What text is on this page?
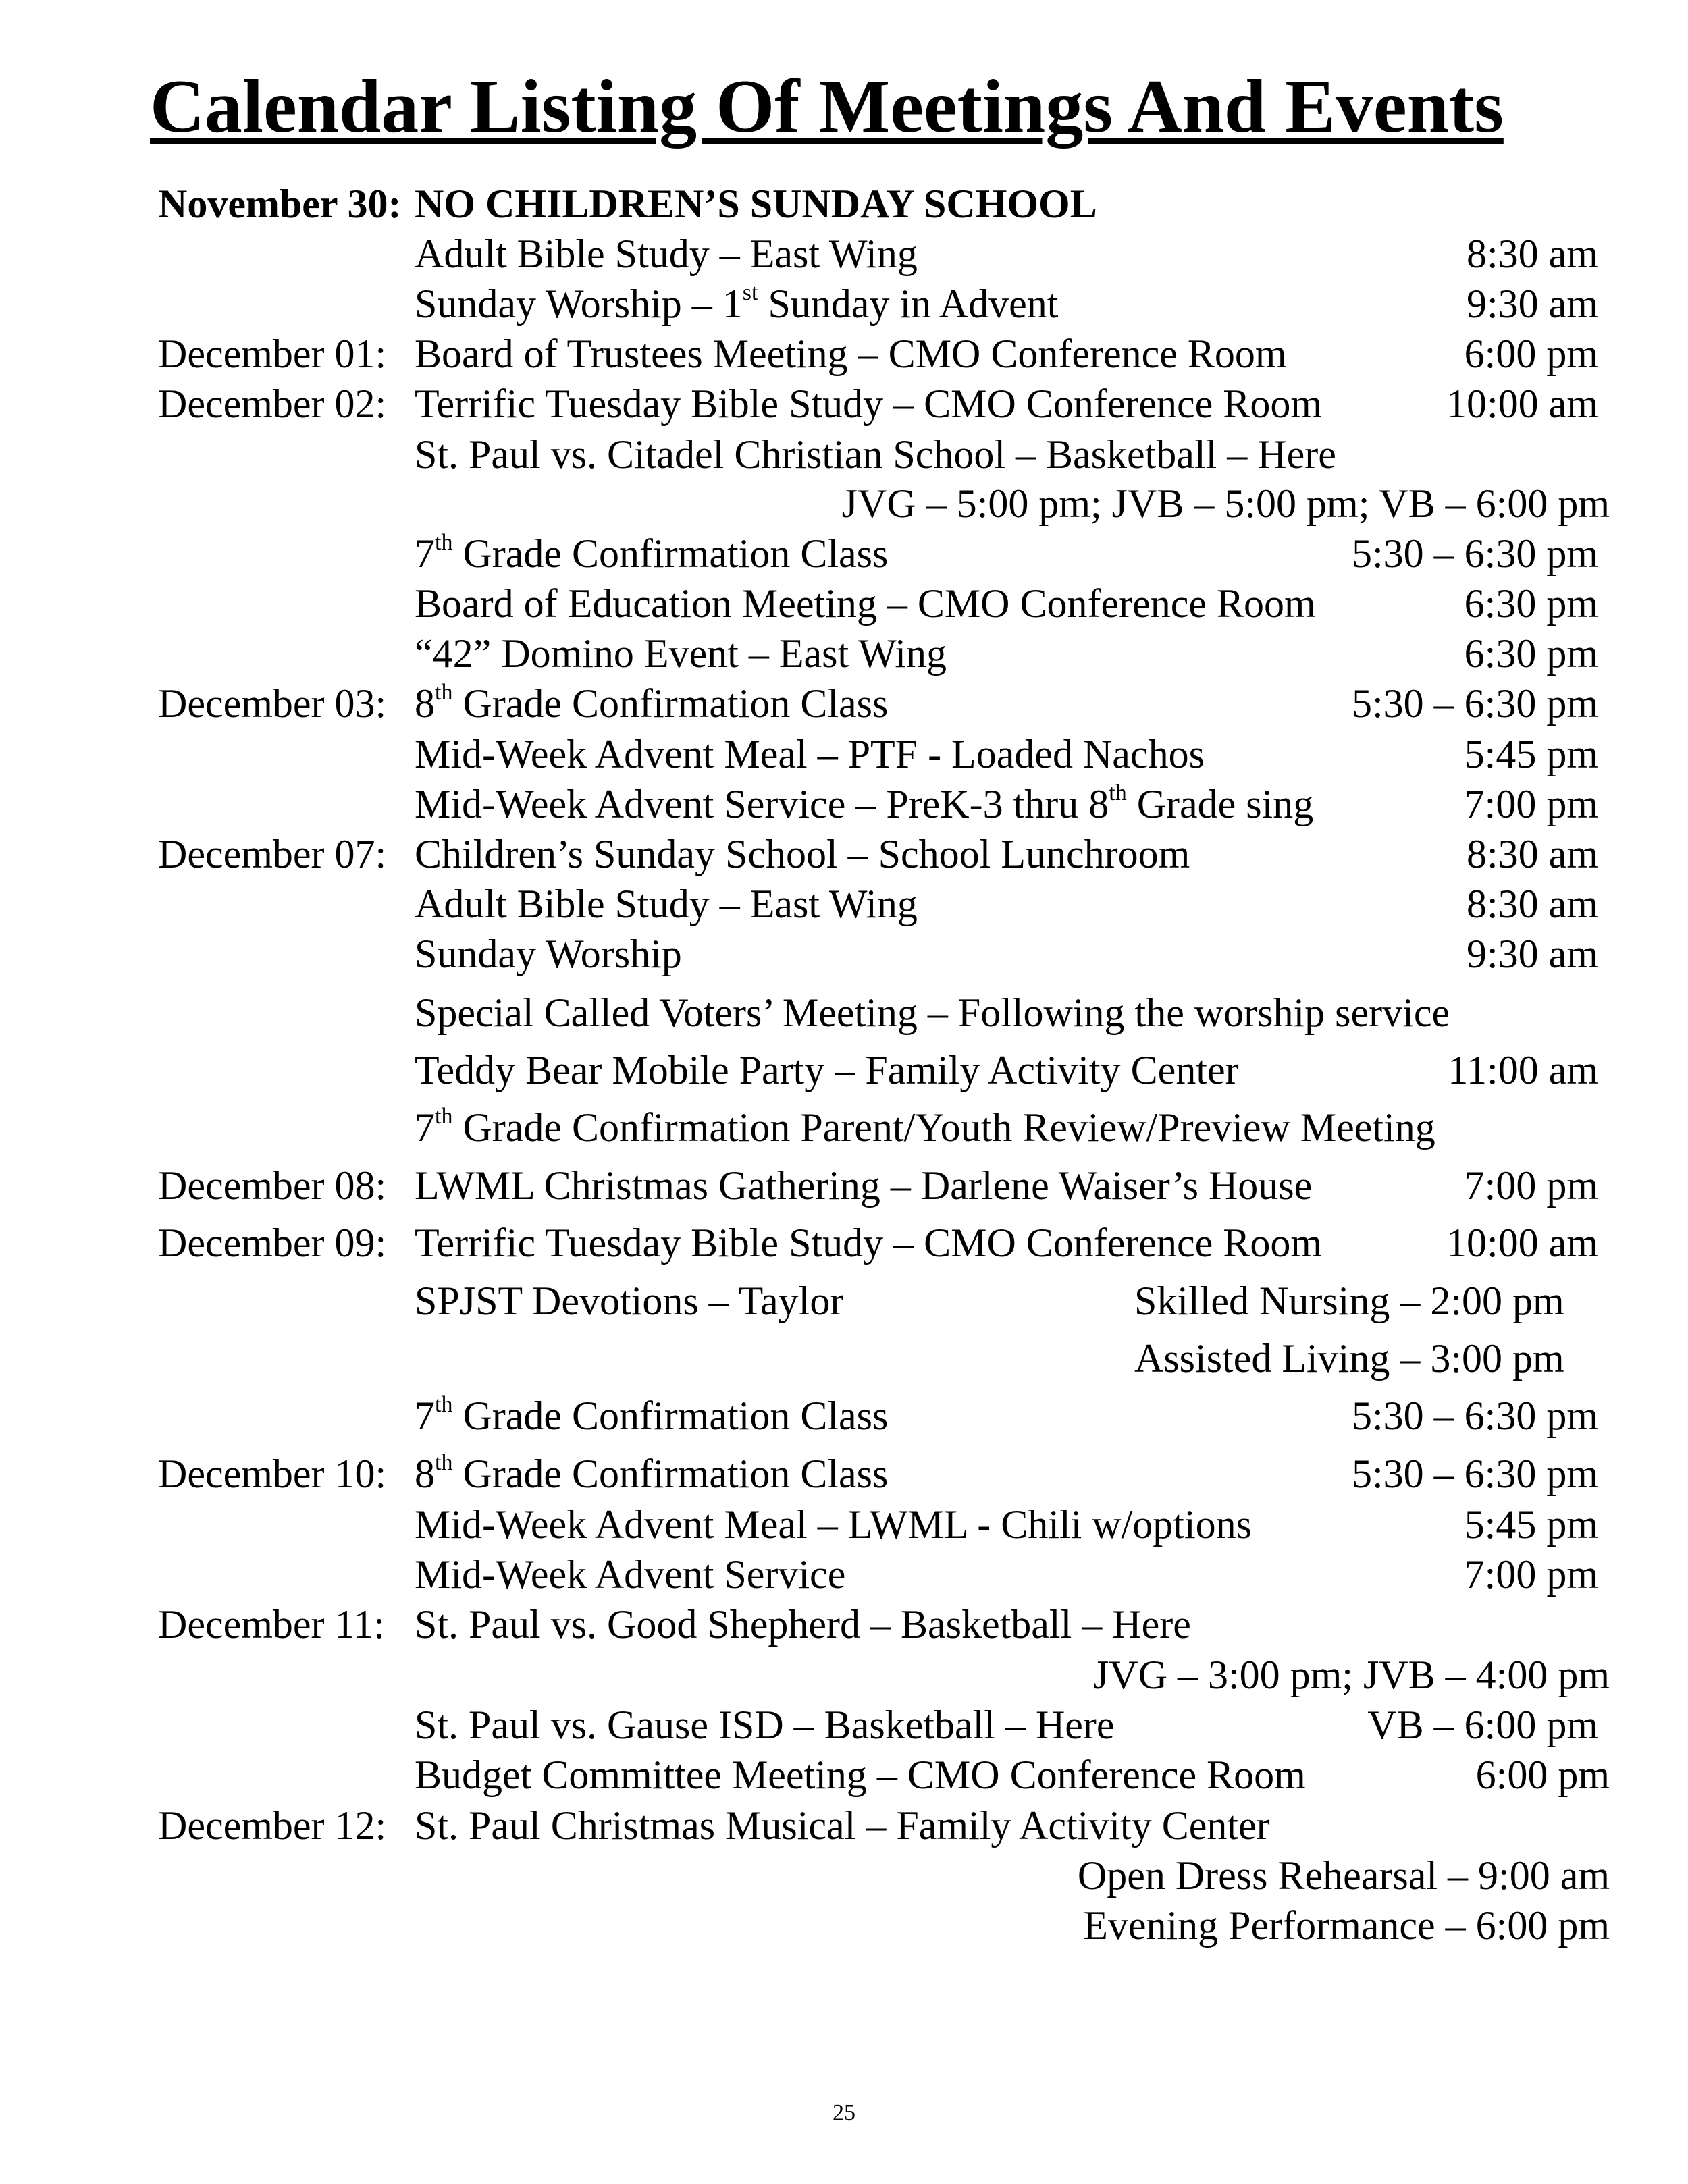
Calendar Listing Of Meetings And Events
November 30: NO CHILDREN’S SUNDAY SCHOOL
Adult Bible Study – East Wing	8:30 am
Sunday Worship – 1st Sunday in Advent	9:30 am
December 01: Board of Trustees Meeting – CMO Conference Room	6:00 pm
December 02: Terrific Tuesday Bible Study – CMO Conference Room	10:00 am
St. Paul vs. Citadel Christian School – Basketball – Here
JVG – 5:00 pm; JVB – 5:00 pm; VB – 6:00 pm
7th Grade Confirmation Class	5:30 – 6:30 pm
Board of Education Meeting – CMO Conference Room	6:30 pm
“42” Domino Event – East Wing	6:30 pm
December 03: 8th Grade Confirmation Class	5:30 – 6:30 pm
Mid-Week Advent Meal – PTF - Loaded Nachos	5:45 pm
Mid-Week Advent Service – PreK-3 thru 8th Grade sing	7:00 pm
December 07: Children’s Sunday School – School Lunchroom	8:30 am
Adult Bible Study – East Wing	8:30 am
Sunday Worship	9:30 am
Special Called Voters’ Meeting – Following the worship service
Teddy Bear Mobile Party – Family Activity Center	11:00 am
7th Grade Confirmation Parent/Youth Review/Preview Meeting
December 08: LWML Christmas Gathering – Darlene Waiser’s House	7:00 pm
December 09: Terrific Tuesday Bible Study – CMO Conference Room	10:00 am
SPJST Devotions – Taylor	Skilled Nursing – 2:00 pm
Assisted Living – 3:00 pm
7th Grade Confirmation Class	5:30 – 6:30 pm
December 10: 8th Grade Confirmation Class	5:30 – 6:30 pm
Mid-Week Advent Meal – LWML - Chili w/options	5:45 pm
Mid-Week Advent Service	7:00 pm
December 11: St. Paul vs. Good Shepherd – Basketball – Here
JVG – 3:00 pm; JVB – 4:00 pm
St. Paul vs. Gause ISD – Basketball – Here	VB – 6:00 pm
Budget Committee Meeting – CMO Conference Room	6:00 pm
December 12: St. Paul Christmas Musical – Family Activity Center
Open Dress Rehearsal – 9:00 am
Evening Performance – 6:00 pm
25
